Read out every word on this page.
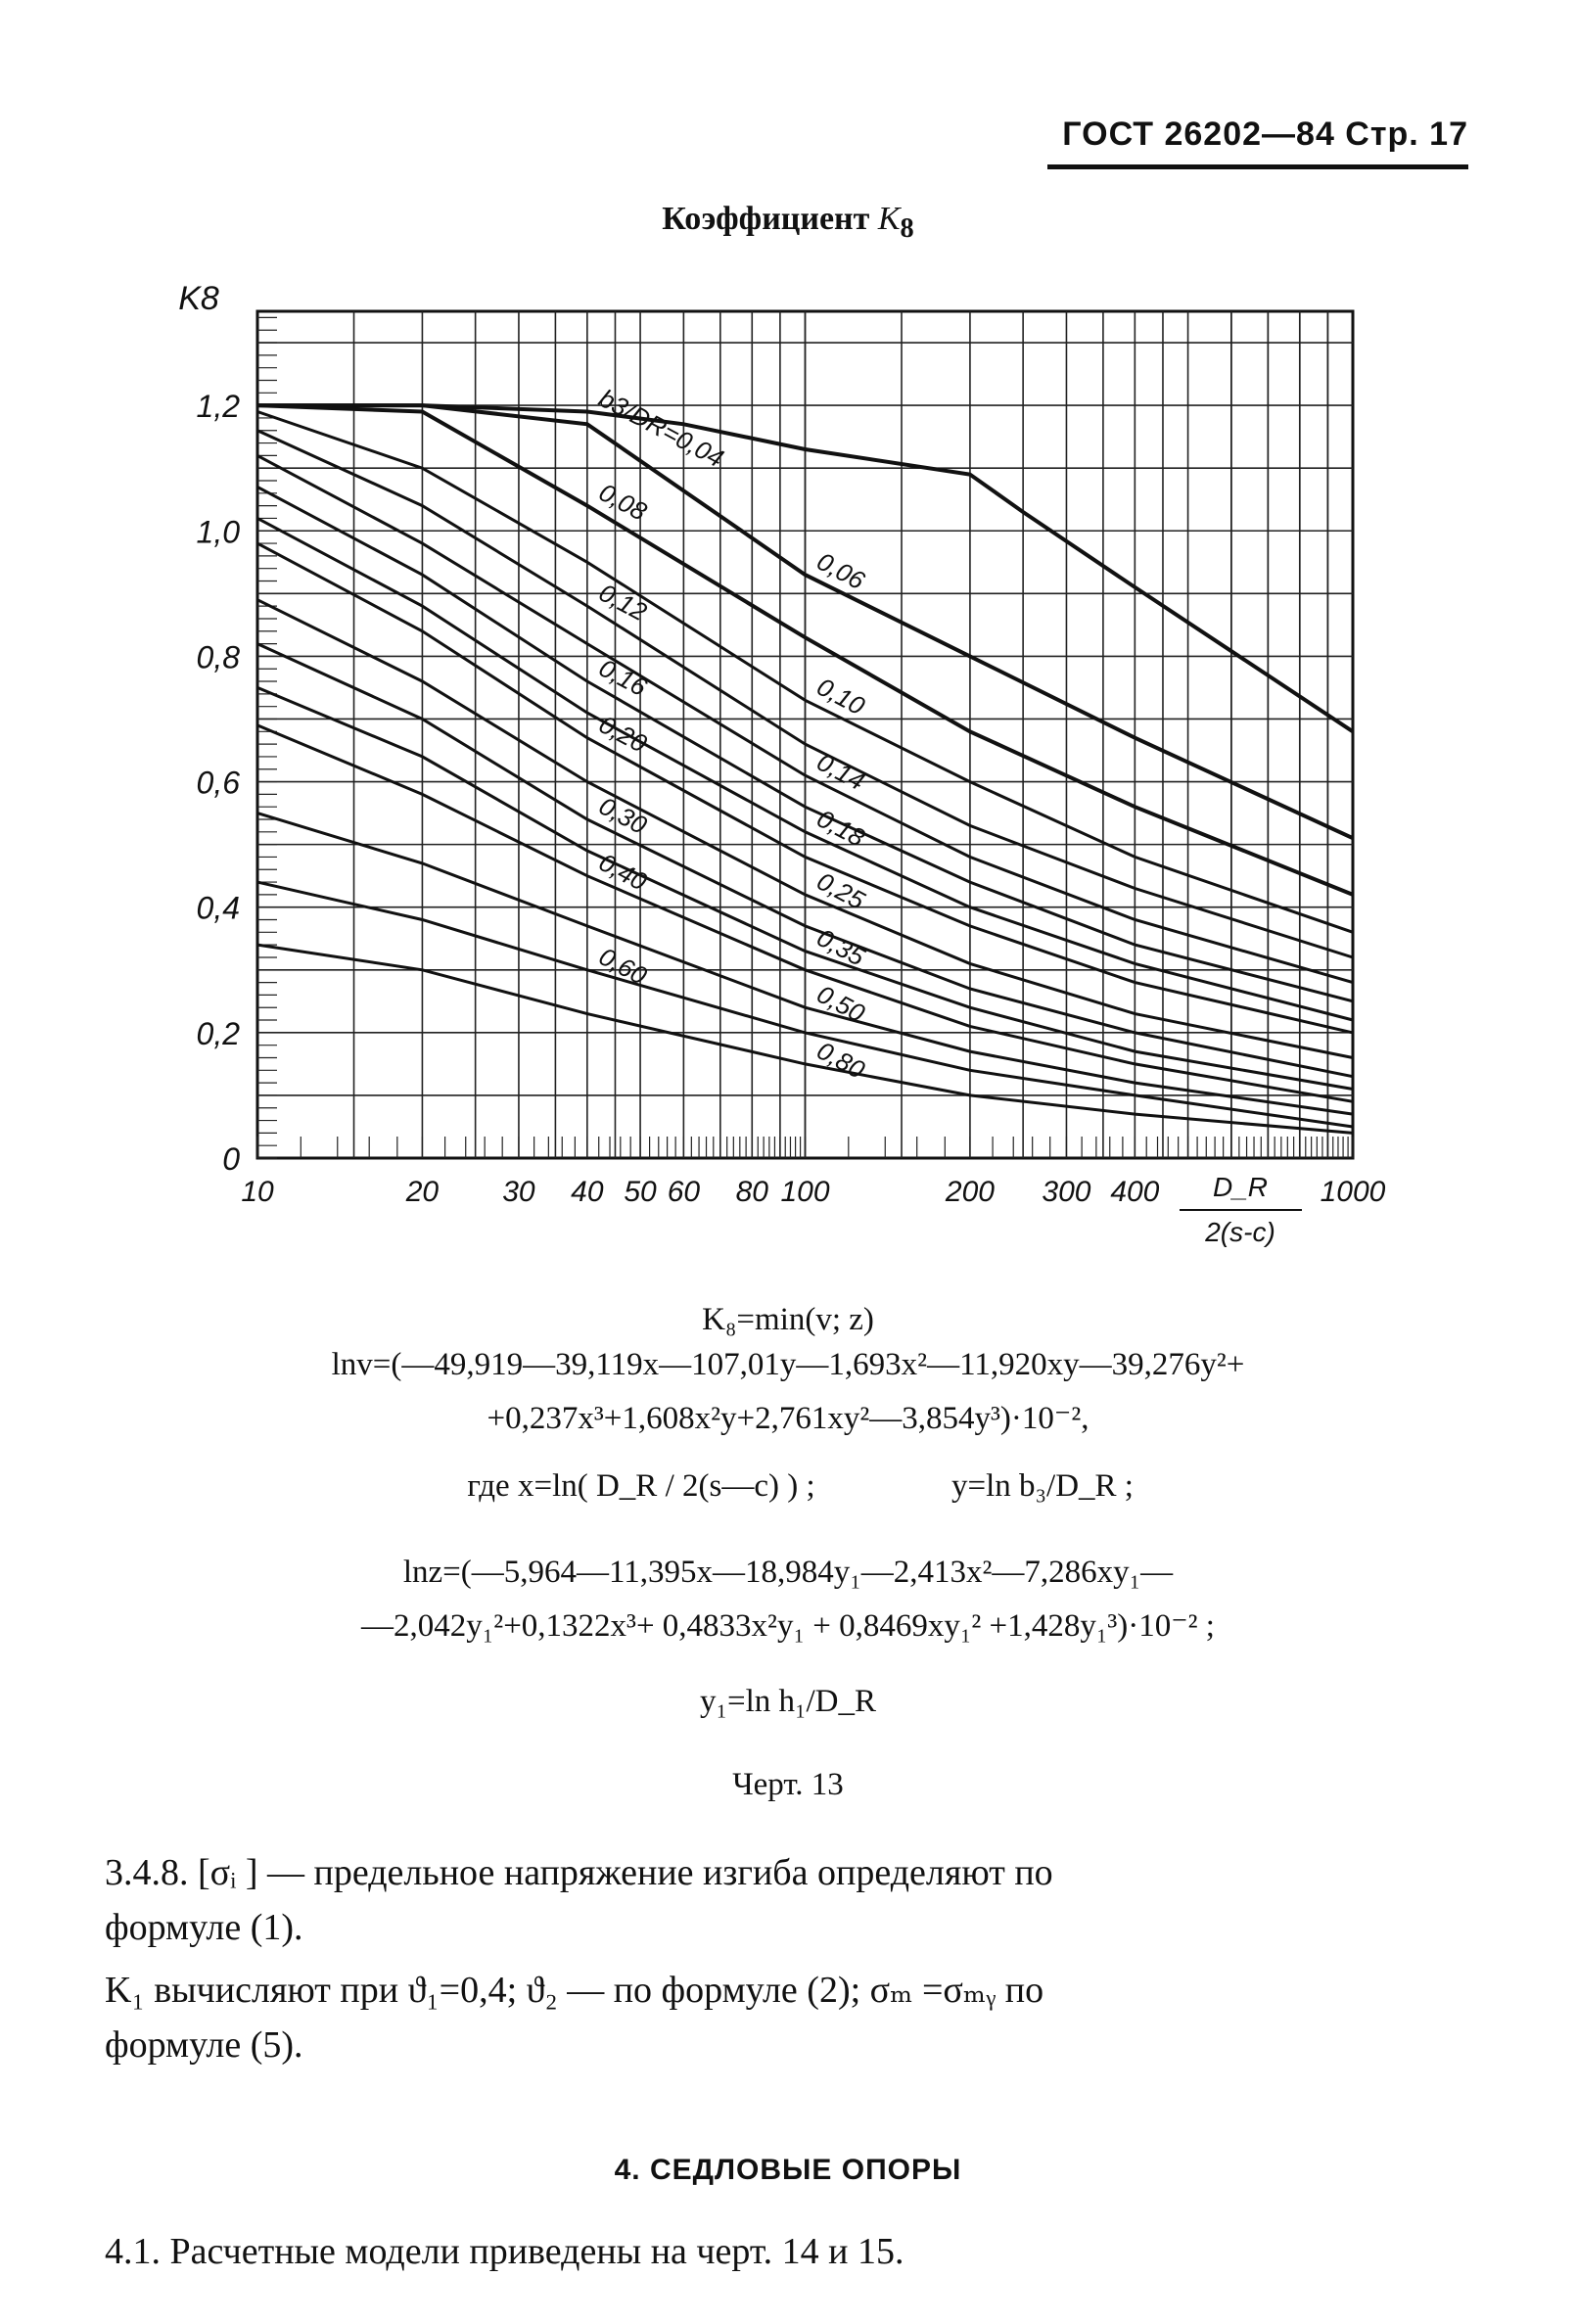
ГОСТ 26202—84 Стр. 17
Коэффициент $K_8$
0
0,2
0,4
0,6
0,8
1,0
1,2
10	20 30 40 50 60 80 100	200 300 400	1000
K8
D_R
2(s-c)
b3/DR=0,04
0,06
0,08
0,10
0,12
0,14
0,16
0,18
0,20
0,25
0,30
0,35
0,40
0,50
0,60
0,80
K₈=min(v; z)
lnv=(—49,919—39,119x—107,01y—1,693x²—11,920xy—39,276y²+
+0,237x³+1,608x²y+2,761xy²—3,854y³)·10⁻²,
где x=ln( D_R / 2(s—c) ) ;	y=ln b₃/D_R ;
lnz=(—5,964—11,395x—18,984y₁—2,413x²—7,286xy₁—
—2,042y₁²+0,1322x³+ 0,4833x²y₁ + 0,8469xy₁² +1,428y₁³)·10⁻² ;
y₁=ln h₁/D_R
Черт. 13
3.4.8. [σᵢ ] — предельное напряжение изгиба определяют по
формуле (1).
K₁ вычисляют при ϑ₁=0,4; ϑ₂ — по формуле (2); σₘ =σₘᵧ по
формуле (5).
4. СЕДЛОВЫЕ ОПОРЫ
4.1. Расчетные модели приведены на черт. 14 и 15.
